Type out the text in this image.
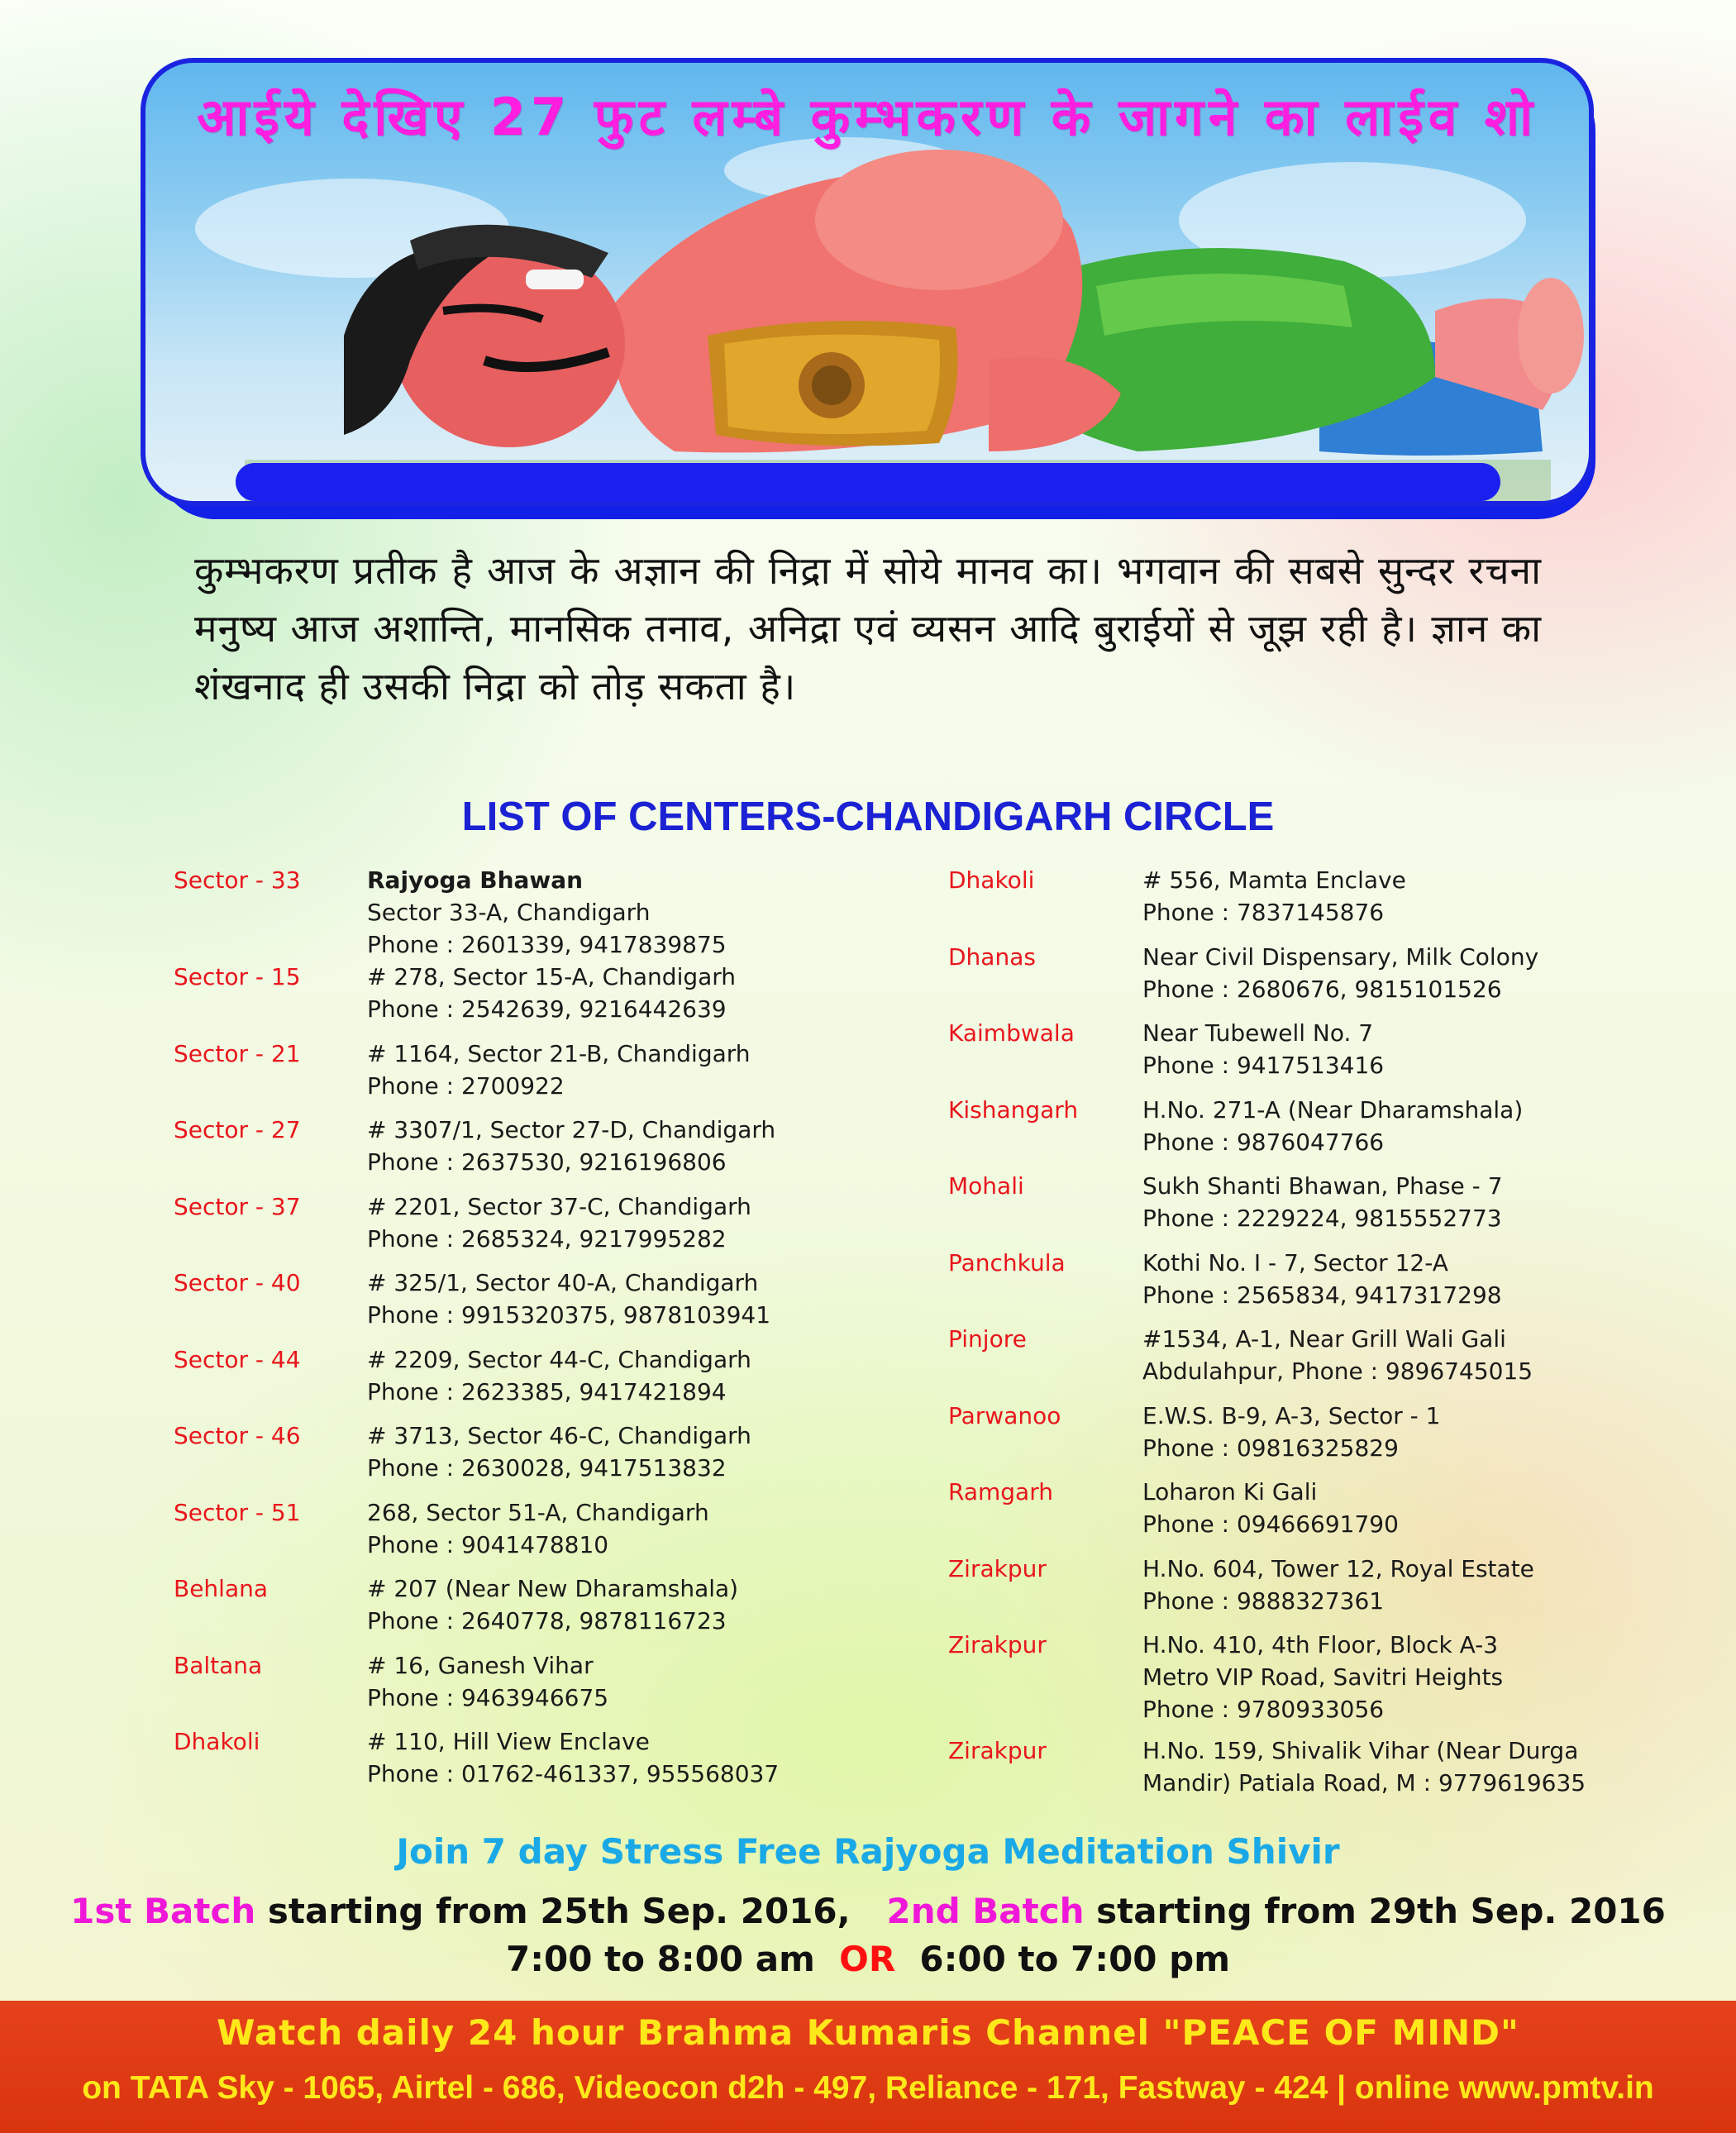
आईये देखिए 27 फुट लम्बे कुम्भकरण के जागने का लाईव शो

कुम्भकरण प्रतीक है आज के अज्ञान की निद्रा में सोये मानव का। भगवान की सबसे सुन्दर रचना मनुष्य आज अशान्ति, मानसिक तनाव, अनिद्रा एवं व्यसन आदि बुराईयों से जूझ रही है। ज्ञान का शंखनाद ही उसकी निद्रा को तोड़ सकता है।

LIST OF CENTERS-CHANDIGARH CIRCLE
Sector - 33	Rajyoga Bhawan
Sector 33-A, Chandigarh
Phone : 2601339, 9417839875
Sector - 15	# 278, Sector 15-A, Chandigarh
Phone : 2542639, 9216442639
Sector - 21	# 1164, Sector 21-B, Chandigarh
Phone : 2700922
Sector - 27	# 3307/1, Sector 27-D, Chandigarh
Phone : 2637530, 9216196806
Sector - 37	# 2201, Sector 37-C, Chandigarh
Phone : 2685324, 9217995282
Sector - 40	# 325/1, Sector 40-A, Chandigarh
Phone : 9915320375, 9878103941
Sector - 44	# 2209, Sector 44-C, Chandigarh
Phone : 2623385, 9417421894
Sector - 46	# 3713, Sector 46-C, Chandigarh
Phone : 2630028, 9417513832
Sector - 51	268, Sector 51-A, Chandigarh
Phone : 9041478810
Behlana	# 207 (Near New Dharamshala)
Phone : 2640778, 9878116723
Baltana	# 16, Ganesh Vihar
Phone : 9463946675
Dhakoli	# 110, Hill View Enclave
Phone : 01762-461337, 955568037
Dhakoli	# 556, Mamta Enclave
Phone : 7837145876
Dhanas	Near Civil Dispensary, Milk Colony
Phone : 2680676, 9815101526
Kaimbwala	Near Tubewell No. 7
Phone : 9417513416
Kishangarh	H.No. 271-A (Near Dharamshala)
Phone : 9876047766
Mohali	Sukh Shanti Bhawan, Phase - 7
Phone : 2229224, 9815552773
Panchkula	Kothi No. I - 7, Sector 12-A
Phone : 2565834, 9417317298
Pinjore	#1534, A-1, Near Grill Wali Gali
Abdulahpur, Phone : 9896745015
Parwanoo	E.W.S. B-9, A-3, Sector - 1
Phone : 09816325829
Ramgarh	Loharon Ki Gali
Phone : 09466691790
Zirakpur	H.No. 604, Tower 12, Royal Estate
Phone : 9888327361
Zirakpur	H.No. 410, 4th Floor, Block A-3
Metro VIP Road, Savitri Heights
Phone : 9780933056
Zirakpur	H.No. 159, Shivalik Vihar (Near Durga
Mandir) Patiala Road, M : 9779619635
Join 7 day Stress Free Rajyoga Meditation Shivir
1st Batch starting from 25th Sep. 2016, 2nd Batch starting from 29th Sep. 2016
7:00 to 8:00 am OR 6:00 to 7:00 pm
Watch daily 24 hour Brahma Kumaris Channel "PEACE OF MIND"
on TATA Sky - 1065, Airtel - 686, Videocon d2h - 497, Reliance - 171, Fastway - 424 | online www.pmtv.in
